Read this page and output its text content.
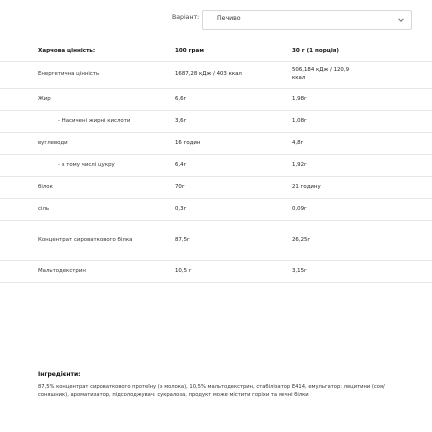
Варіант:	Печиво
Харчова цінність:	100 грам	30 г (1 порція)
Енергетична цінність	1687,28 кДж / 403 ккал	506,184 кДж / 120,9 ккал

Жир	6,6г	1,98г

- Насичені жирні кислоти	3,6г	1,08г

вуглеводи	16 годин	4,8г

- з тому числі цукру	6,4г	1,92г

білок	70г	21 годину

сіль	0,3г	0,09г

Концентрат сироваткового білка	87,5г	26,25г

Мальтодекстрин	10,5 г	3,15г
Інгредієнти:
87,5% концентрат сироваткового протеїну (з молока), 10,5% мальтодекстрин, стабілізатор Е414, емульгатор: лецитини (соя/соняшник), ароматизатор, підсолоджувач: сукралоза, продукт може містити горіхи та яєчні білки
